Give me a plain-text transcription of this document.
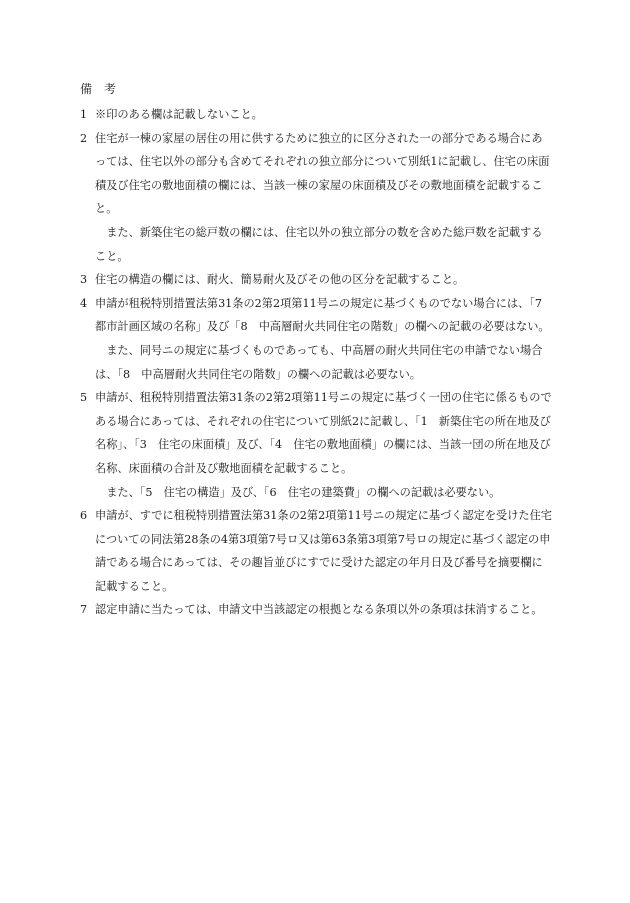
備考
1 ※印のある欄は記載しないこと。

2 住宅が一棟の家屋の居住の用に供するために独立的に区分された一の部分である場合にあっては、住宅以外の部分も含めてそれぞれの独立部分について別紙1に記載し、住宅の床面積及び住宅の敷地面積の欄には、当該一棟の家屋の床面積及びその敷地面積を記載すること。

また、新築住宅の総戸数の欄には、住宅以外の独立部分の数を含めた総戸数を記載すること。

3 住宅の構造の欄には、耐火、簡易耐火及びその他の区分を記載すること。

4 申請が租税特別措置法第31条の2第2項第11号ニの規定に基づくものでない場合には、「7　都市計画区域の名称」及び「8　中高層耐火共同住宅の階数」の欄への記載の必要はない。

また、同号ニの規定に基づくものであっても、中高層の耐火共同住宅の申請でない場合は、「8　中高層耐火共同住宅の階数」の欄への記載は必要ない。

5 申請が、租税特別措置法第31条の2第2項第11号ニの規定に基づく一団の住宅に係るものである場合にあっては、それぞれの住宅について別紙2に記載し、「1　新築住宅の所在地及び名称」、「3　住宅の床面積」及び、「4　住宅の敷地面積」の欄には、当該一団の所在地及び名称、床面積の合計及び敷地面積を記載すること。

また、「5　住宅の構造」及び、「6　住宅の建築費」の欄への記載は必要ない。

6 申請が、すでに租税特別措置法第31条の2第2項第11号ニの規定に基づく認定を受けた住宅についての同法第28条の4第3項第7号ロ又は第63条第3項第7号ロの規定に基づく認定の申請である場合にあっては、その趣旨並びにすでに受けた認定の年月日及び番号を摘要欄に記載すること。

7 認定申請に当たっては、申請文中当該認定の根拠となる条項以外の条項は抹消すること。
